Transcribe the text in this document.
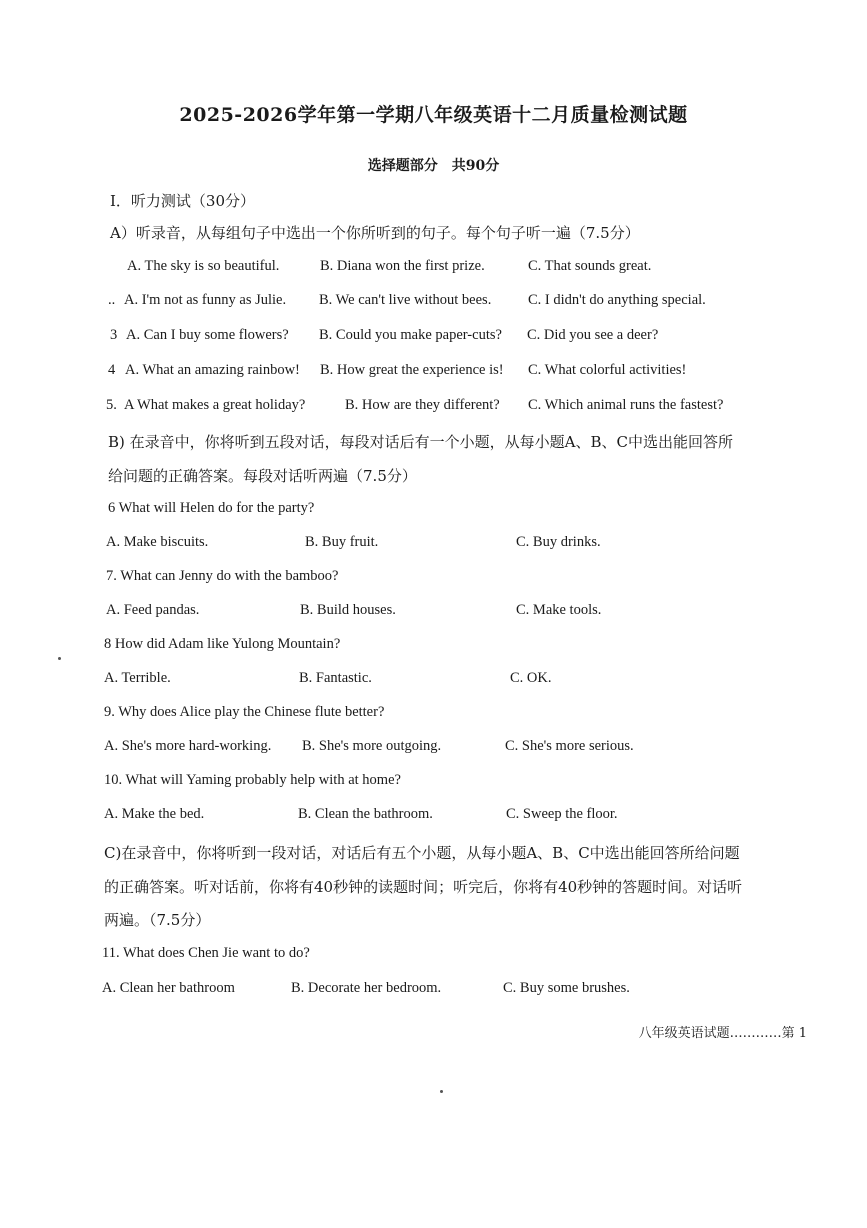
2025-2026学年第一学期八年级英语十二月质量检测试题
选择题部分　共90分
I．听力测试（30分）
A）听录音，从每组句子中选出一个你所听到的句子。每个句子听一遍（7.5分）
A. The sky is so beautiful.	B. Diana won the first prize.	C. That sounds great.
.. A. I'm not as funny as Julie. B. We can't live without bees.	C. I didn't do anything special.
3 A. Can I buy some flowers? B. Could you make paper-cuts? C. Did you see a deer?
4 A. What an amazing rainbow! B. How great the experience is! C. What colorful activities!
5. A What makes a great holiday?	B. How are they different? C. Which animal runs the fastest?
B) 在录音中，你将听到五段对话，每段对话后有一个小题，从每小题A、B、C中选出能回答所
给问题的正确答案。每段对话听两遍（7.5分）
6 What will Helen do for the party?
A. Make biscuits.	B. Buy fruit.	C. Buy drinks.
7. What can Jenny do with the bamboo?
A. Feed pandas.	B. Build houses.	C. Make tools.
8 How did Adam like Yulong Mountain?
A. Terrible.	B. Fantastic.	C. OK.
9. Why does Alice play the Chinese flute better?
A. She's more hard-working. B. She's more outgoing.	C. She's more serious.
10. What will Yaming probably help with at home?
A. Make the bed.	B. Clean the bathroom.	C. Sweep the floor.
C)在录音中，你将听到一段对话，对话后有五个小题，从每小题A、B、C中选出能回答所给问题
的正确答案。听对话前，你将有40秒钟的读题时间；听完后，你将有40秒钟的答题时间。对话听
两遍。（7.5分）
11. What does Chen Jie want to do?
A. Clean her bathroom	B. Decorate her bedroom.	C. Buy some brushes.
八年级英语试题…………第 1
